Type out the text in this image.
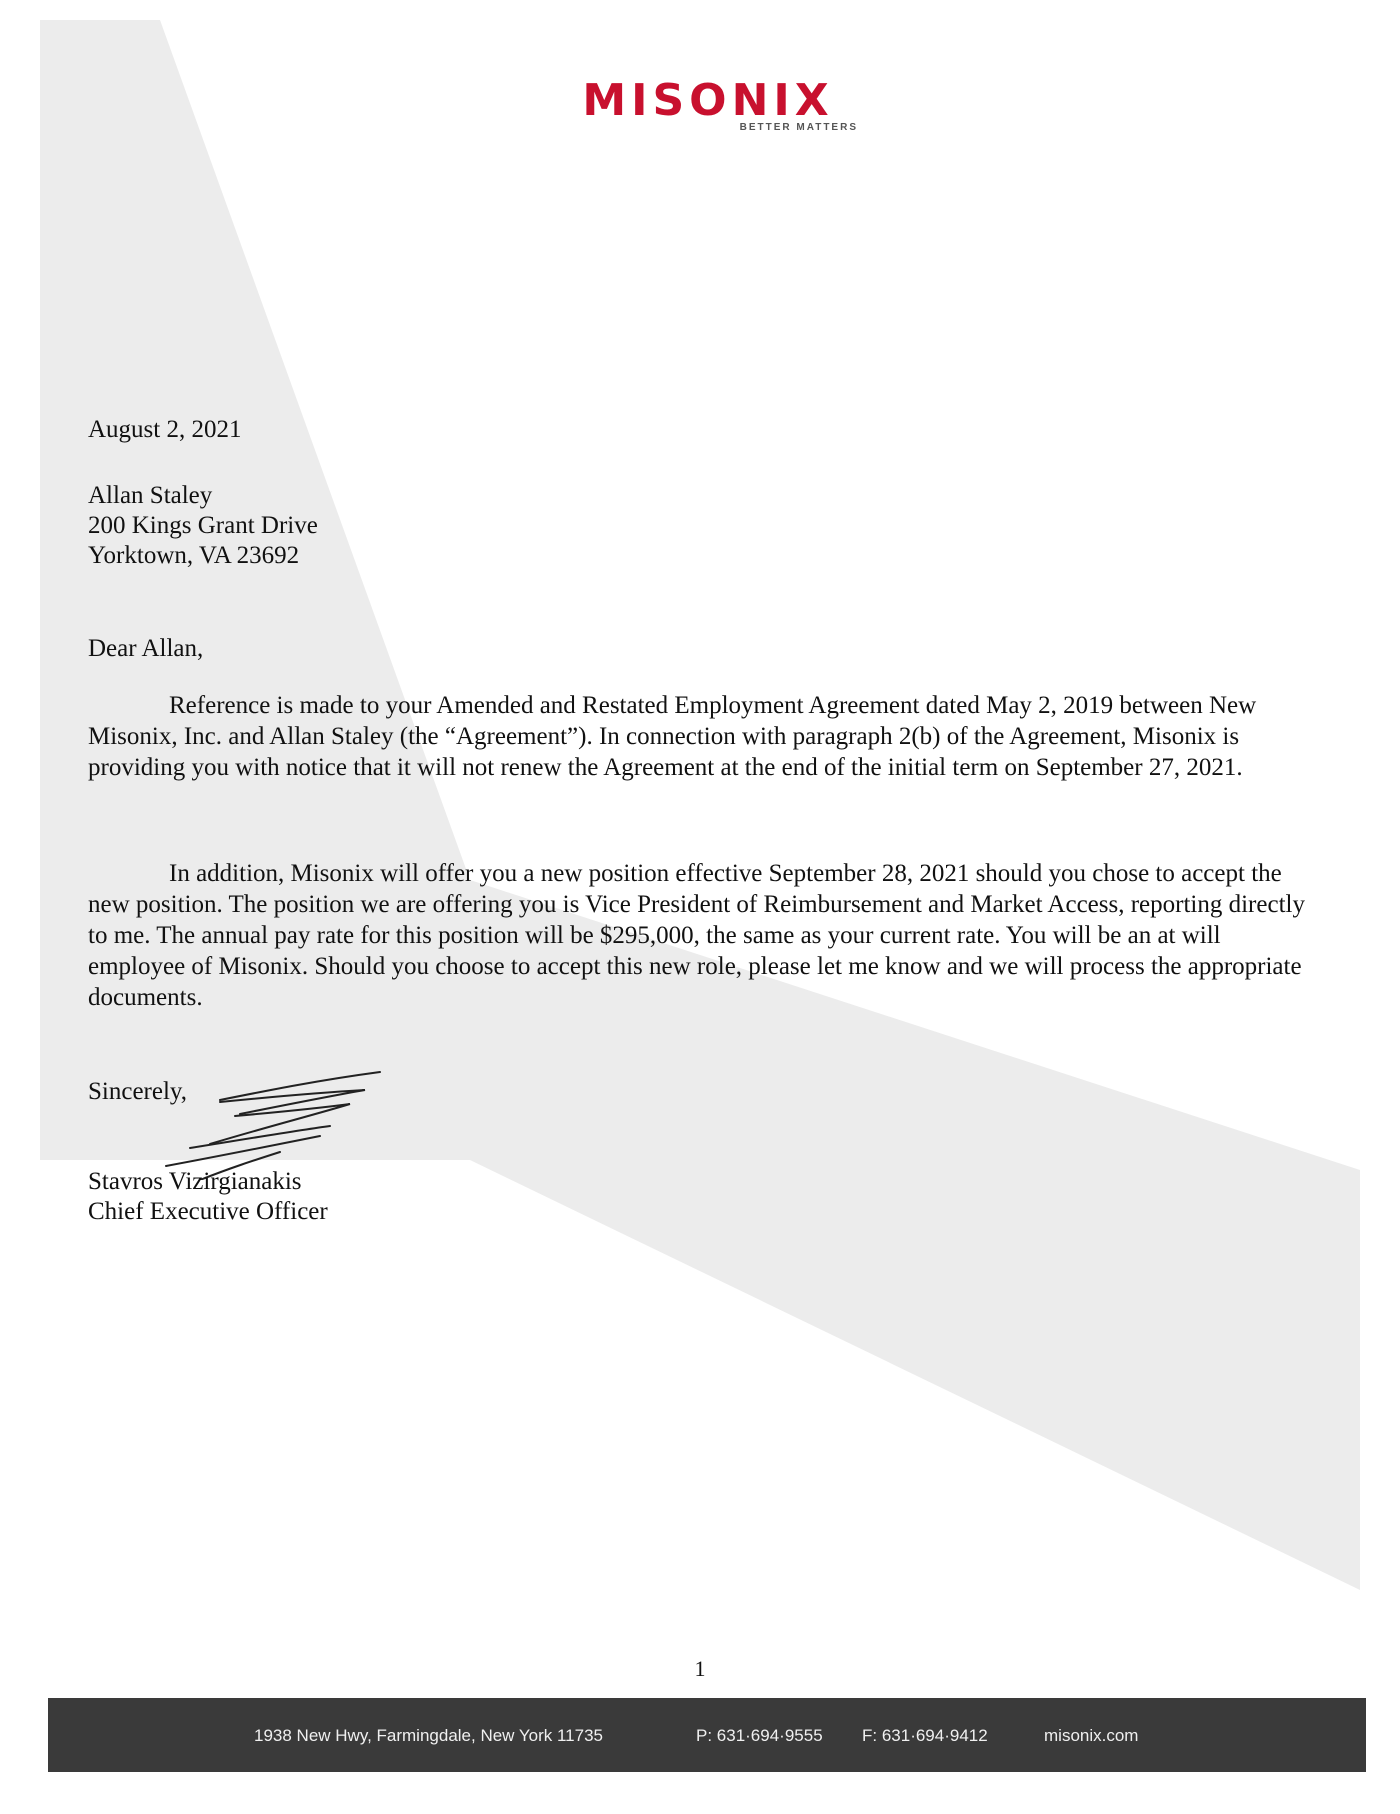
MISONIX
BETTER MATTERS
August 2, 2021
Allan Staley
200 Kings Grant Drive
Yorktown, VA 23692
Dear Allan,

Reference is made to your Amended and Restated Employment Agreement dated May 2, 2019 between New Misonix, Inc. and Allan Staley (the “Agreement”). In connection with paragraph 2(b) of the Agreement, Misonix is providing you with notice that it will not renew the Agreement at the end of the initial term on September 27, 2021.

In addition, Misonix will offer you a new position effective September 28, 2021 should you chose to accept the new position. The position we are offering you is Vice President of Reimbursement and Market Access, reporting directly to me. The annual pay rate for this position will be $295,000, the same as your current rate. You will be an at will employee of Misonix. Should you choose to accept this new role, please let me know and we will process the appropriate documents.

Sincerely,
Stavros Vizirgianakis
Chief Executive Officer
1
1938 New Hwy, Farmingdale, New York 11735	P: 631·694·9555 F: 631·694·9412	misonix.com
